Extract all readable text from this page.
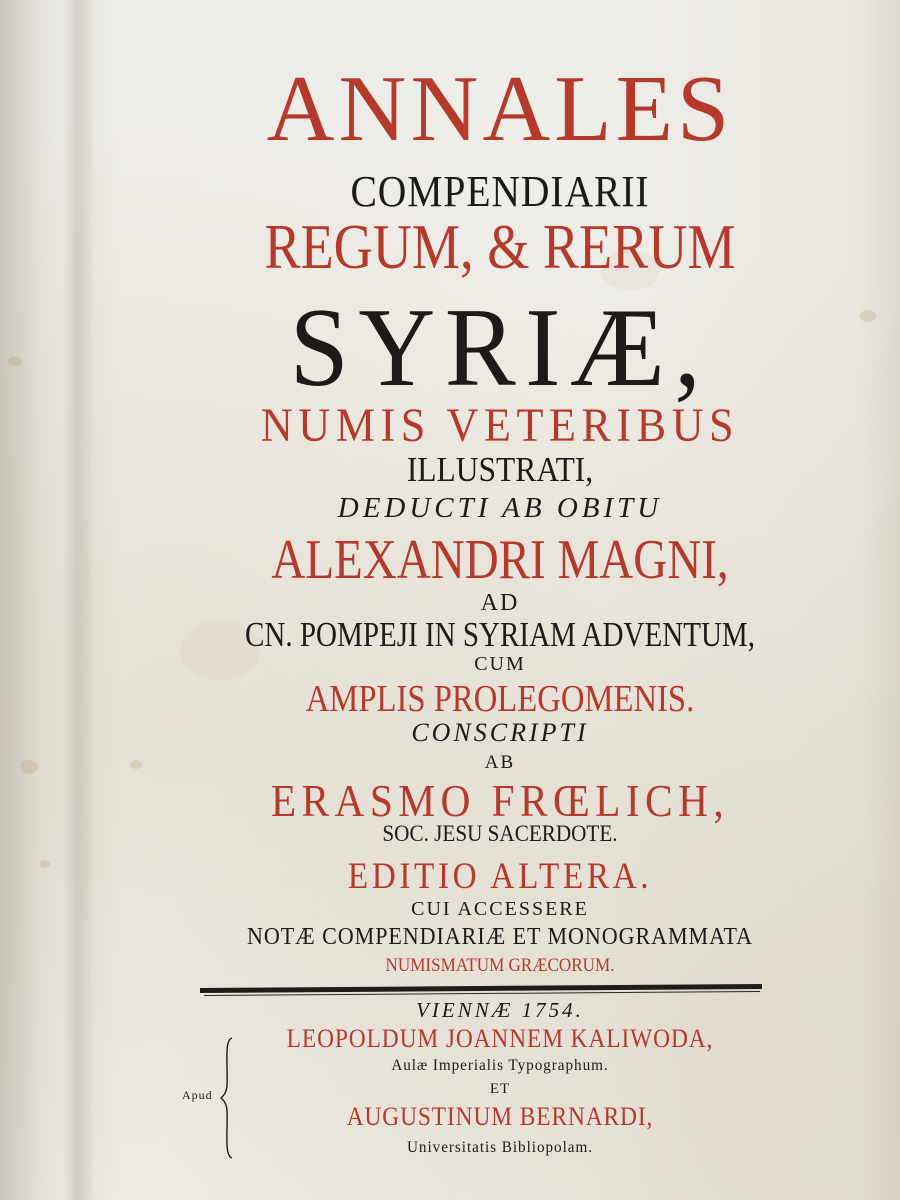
ANNALES

COMPENDIARII

REGUM, & RERUM

SYRIÆ,

NUMIS VETERIBUS

ILLUSTRATI,

DEDUCTI AB OBITU

ALEXANDRI MAGNI,

AD

CN. POMPEJI IN SYRIAM ADVENTUM,

CUM

AMPLIS PROLEGOMENIS.

CONSCRIPTI

AB

ERASMO FRŒLICH,

SOC. JESU SACERDOTE.

EDITIO ALTERA.

CUI ACCESSERE

NOTÆ COMPENDIARIÆ ET MONOGRAMMATA

NUMISMATUM GRÆCORUM.

VIENNÆ 1754.

LEOPOLDUM JOANNEM KALIWODA,

Aulæ Imperialis Typographum.

ET

AUGUSTINUM BERNARDI,

Universitatis Bibliopolam.

Apud
